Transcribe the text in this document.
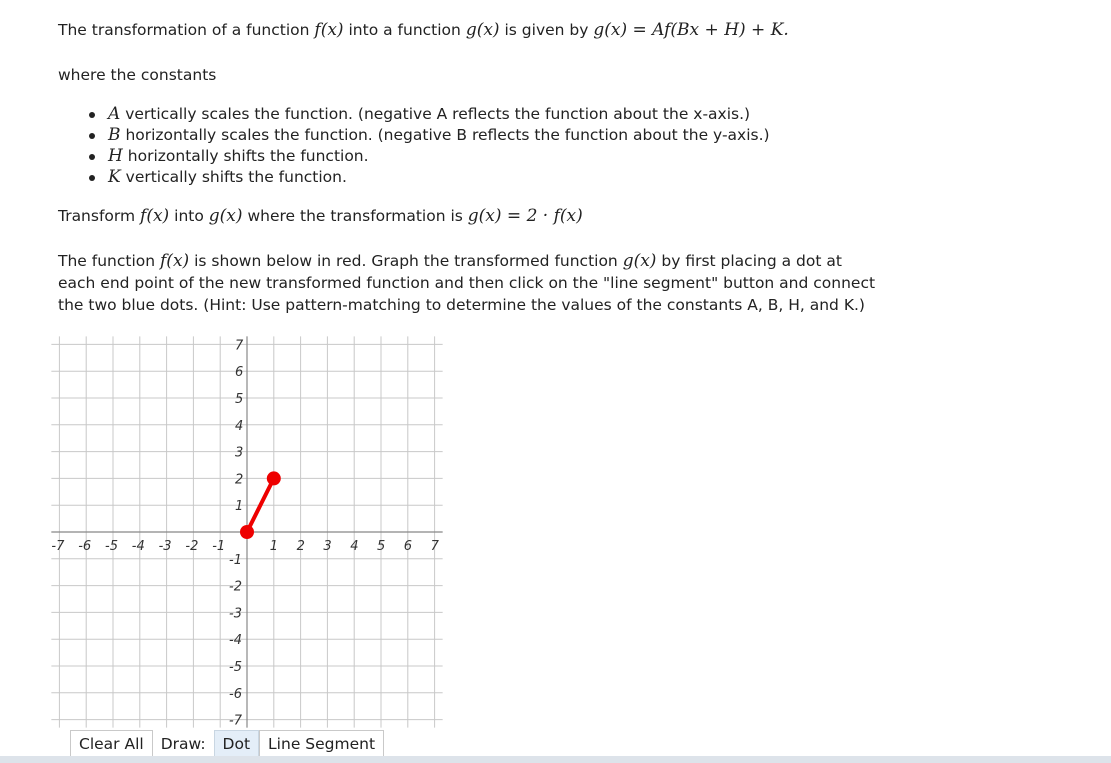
The transformation of a function f(x) into a function g(x) is given by g(x) = Af(Bx + H) + K.
where the constants
A vertically scales the function. (negative A reflects the function about the x-axis.)
B horizontally scales the function. (negative B reflects the function about the y-axis.)
H horizontally shifts the function.
K vertically shifts the function.
Transform f(x) into g(x) where the transformation is g(x) = 2 · f(x)
The function f(x) is shown below in red. Graph the transformed function g(x) by first placing a dot at
each end point of the new transformed function and then click on the "line segment" button and connect
the two blue dots. (Hint: Use pattern-matching to determine the values of the constants A, B, H, and K.)
-7 -6 -5 -4 -3 -2 -1	1 2 3 4 5 6 7
7
6
5
4
3
2
1
-1
-2
-3
-4
-5
-6
-7
Clear All	Draw:	Dot	Line Segment
